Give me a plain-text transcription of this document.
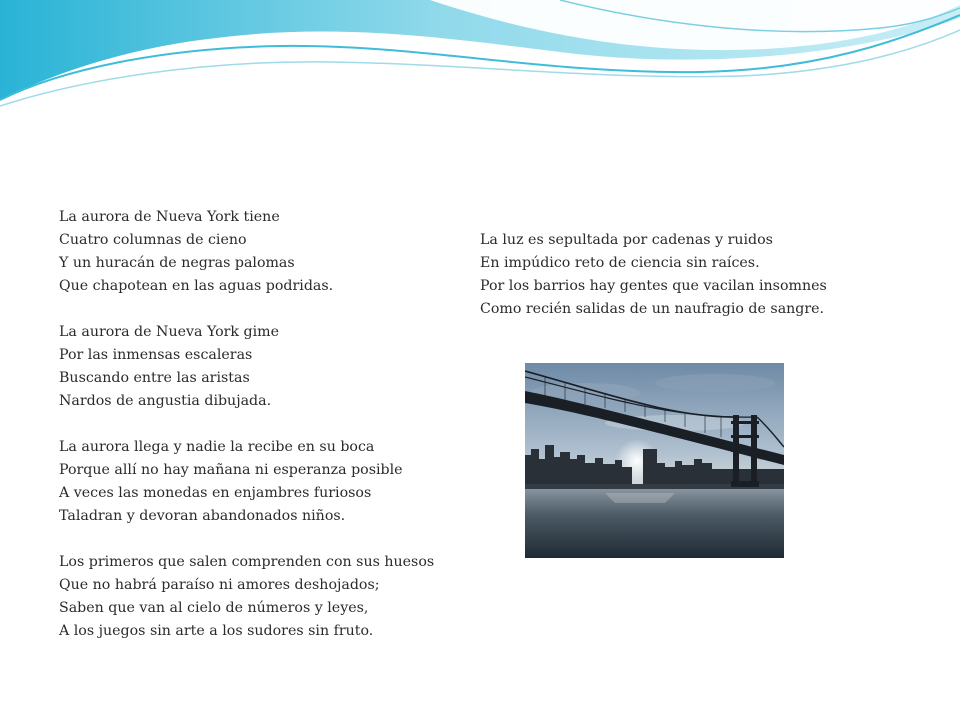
La aurora de Nueva York tiene
Cuatro columnas de cieno
Y un huracán de negras palomas
Que chapotean en las aguas podridas.
La aurora de Nueva York gime
Por las inmensas escaleras
Buscando entre las aristas
Nardos de angustia dibujada.
La aurora llega y nadie la recibe en su boca
Porque allí no hay mañana ni esperanza posible
A veces las monedas en enjambres furiosos
Taladran y devoran abandonados niños.
Los primeros que salen comprenden con sus huesos
Que no habrá paraíso ni amores deshojados;
Saben que van al cielo de números y leyes,
A los juegos sin arte a los sudores sin fruto.
La luz es sepultada por cadenas y ruidos
En impúdico reto de ciencia sin raíces.
Por los barrios hay gentes que vacilan insomnes
Como recién salidas de un naufragio de sangre.
